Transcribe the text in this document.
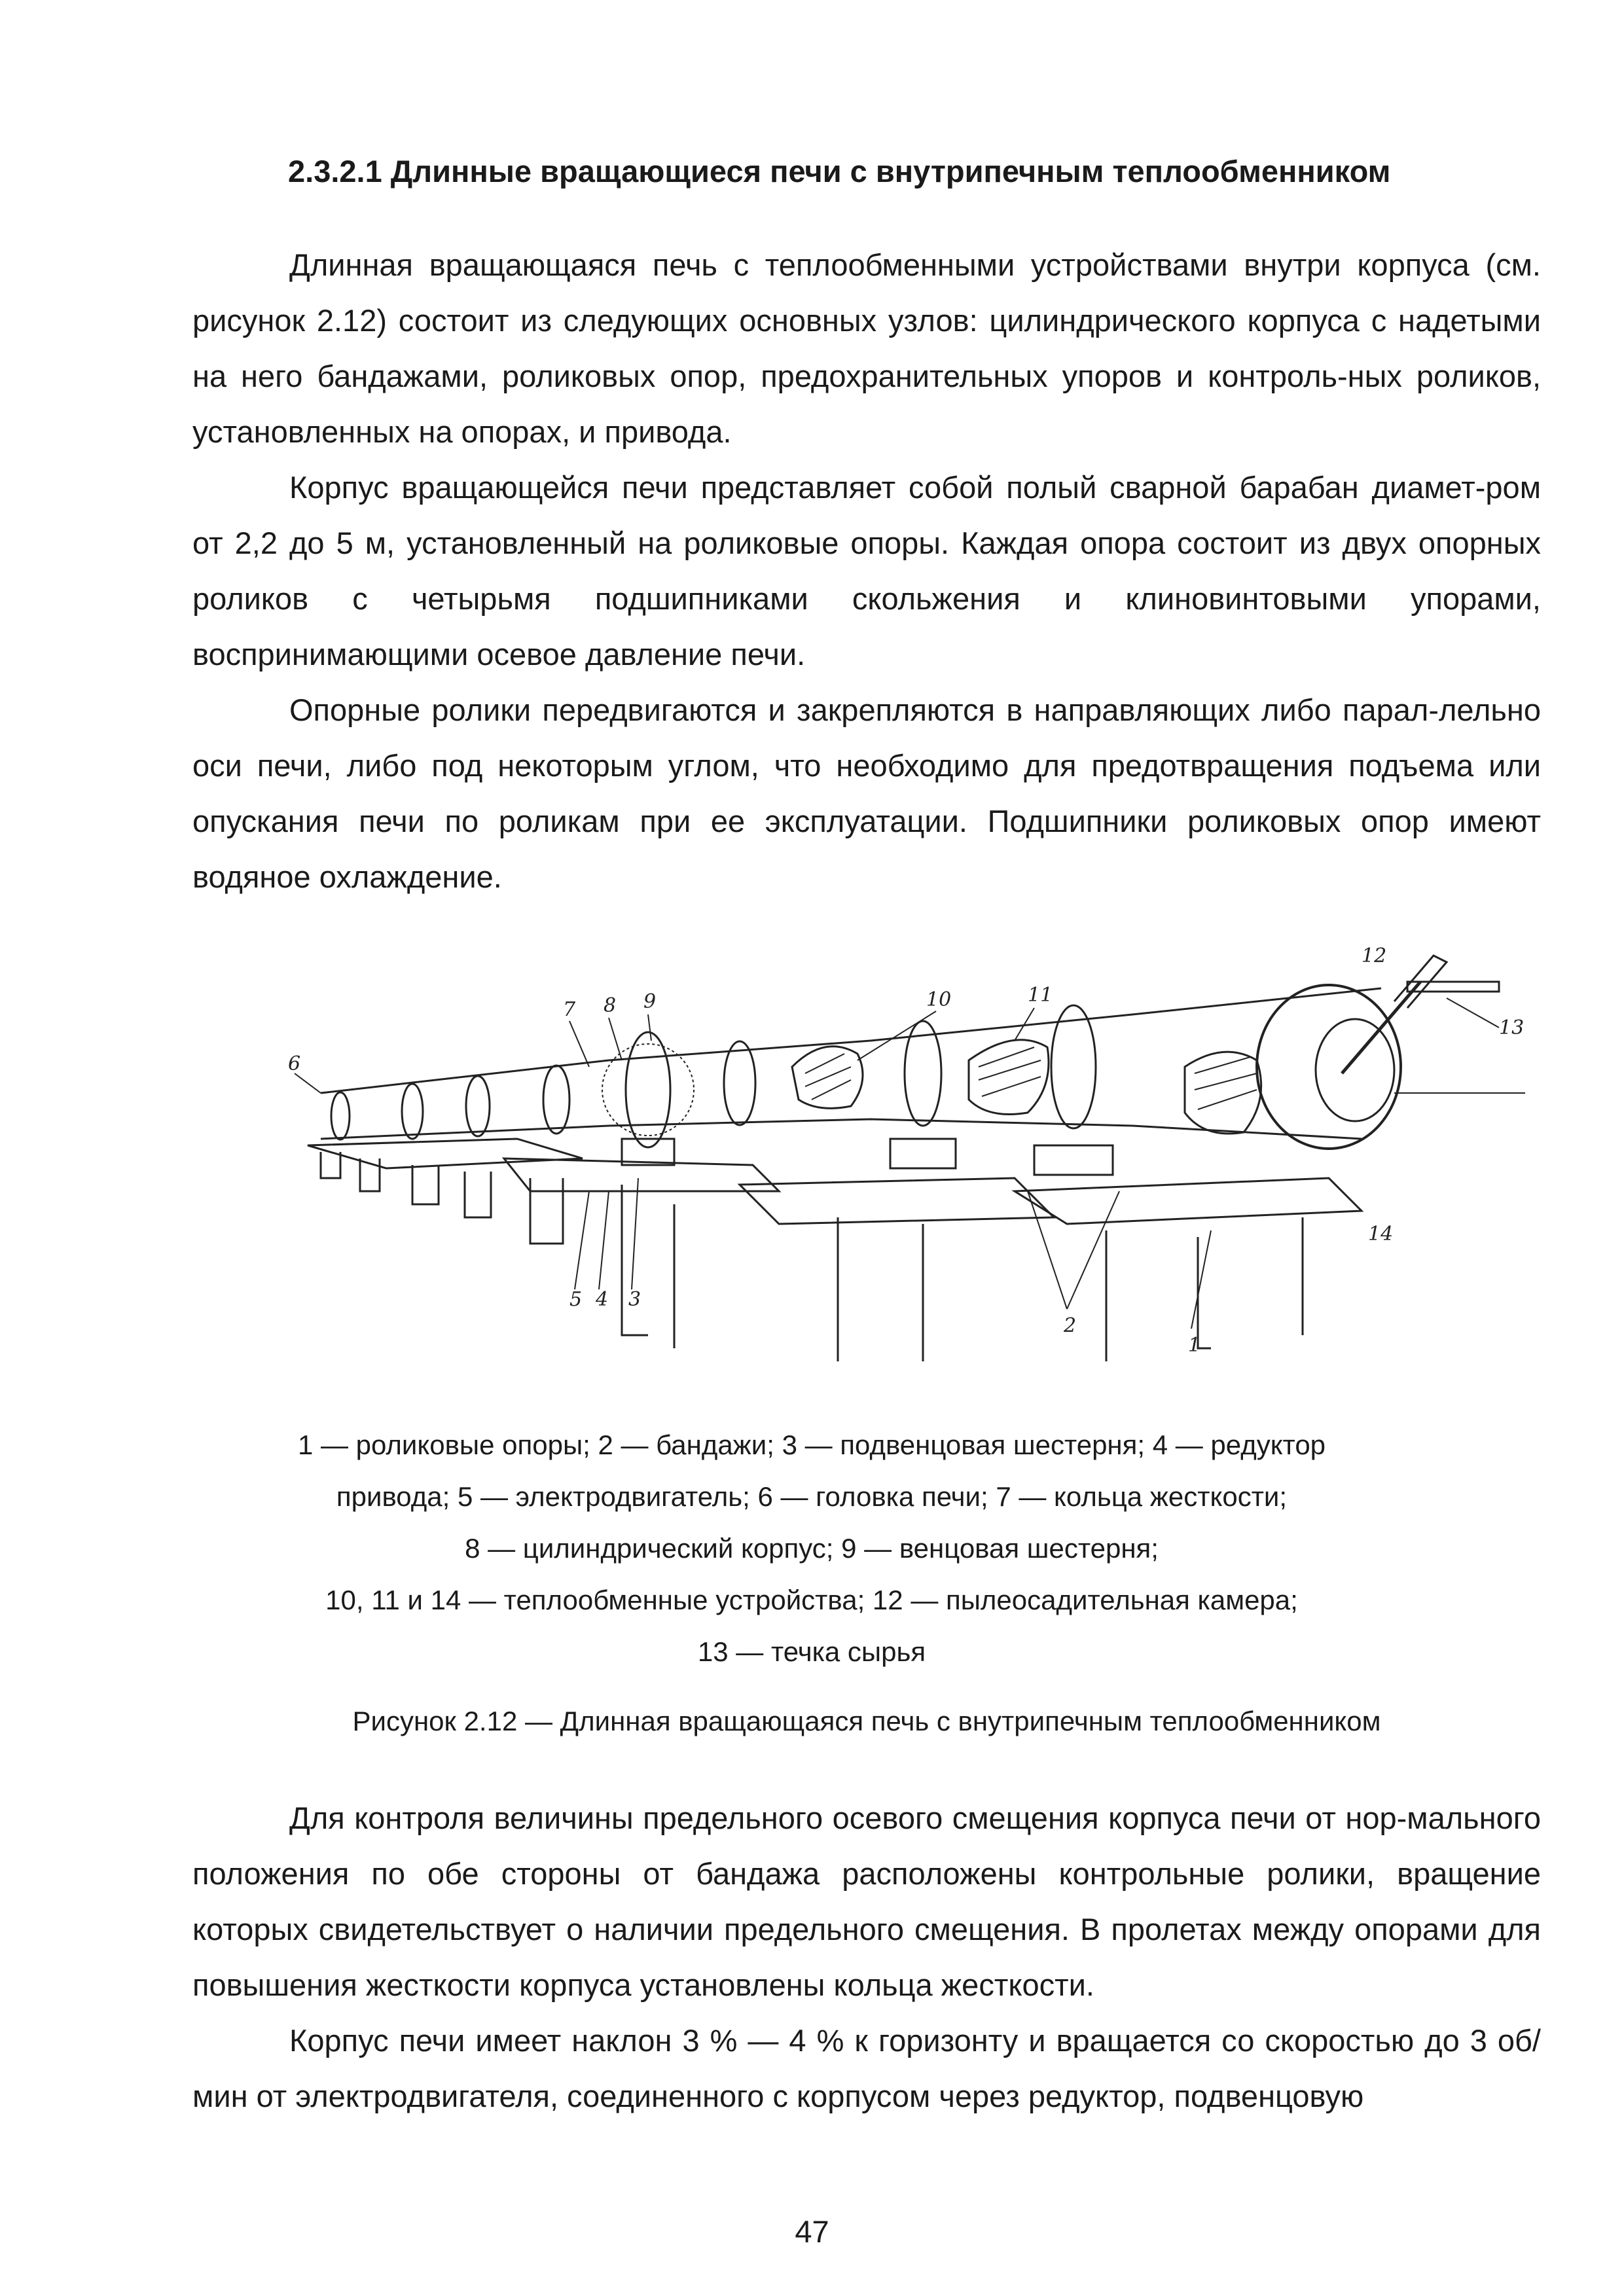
2.3.2.1 Длинные вращающиеся печи с внутрипечным теплообменником

Длинная вращающаяся печь с теплообменными устройствами внутри корпуса (см. рисунок 2.12) состоит из следующих основных узлов: цилиндрического корпуса с надетыми на него бандажами, роликовых опор, предохранительных упоров и контроль-ных роликов, установленных на опорах, и привода.

Корпус вращающейся печи представляет собой полый сварной барабан диамет-ром от 2,2 до 5 м, установленный на роликовые опоры. Каждая опора состоит из двух опорных роликов с четырьмя подшипниками скольжения и клиновинтовыми упорами, воспринимающими осевое давление печи.

Опорные ролики передвигаются и закрепляются в направляющих либо парал-лельно оси печи, либо под некоторым углом, что необходимо для предотвращения подъема или опускания печи по роликам при ее эксплуатации. Подшипники роликовых опор имеют водяное охлаждение.

6
7 8 9	10	11
12
13
14
1
2
3
4
5
1 — роликовые опоры; 2 — бандажи; 3 — подвенцовая шестерня; 4 — редуктор
привода; 5 — электродвигатель; 6 — головка печи; 7 — кольца жесткости;
8 — цилиндрический корпус; 9 — венцовая шестерня;
10, 11 и 14 — теплообменные устройства; 12 — пылеосадительная камера;
13 — течка сырья
Рисунок 2.12 — Длинная вращающаяся печь с внутрипечным теплообменником

Для контроля величины предельного осевого смещения корпуса печи от нор-мального положения по обе стороны от бандажа расположены контрольные ролики, вращение которых свидетельствует о наличии предельного смещения. В пролетах между опорами для повышения жесткости корпуса установлены кольца жесткости.

Корпус печи имеет наклон 3 % — 4 % к горизонту и вращается со скоростью до 3 об/мин от электродвигателя, соединенного с корпусом через редуктор, подвенцовую

47
